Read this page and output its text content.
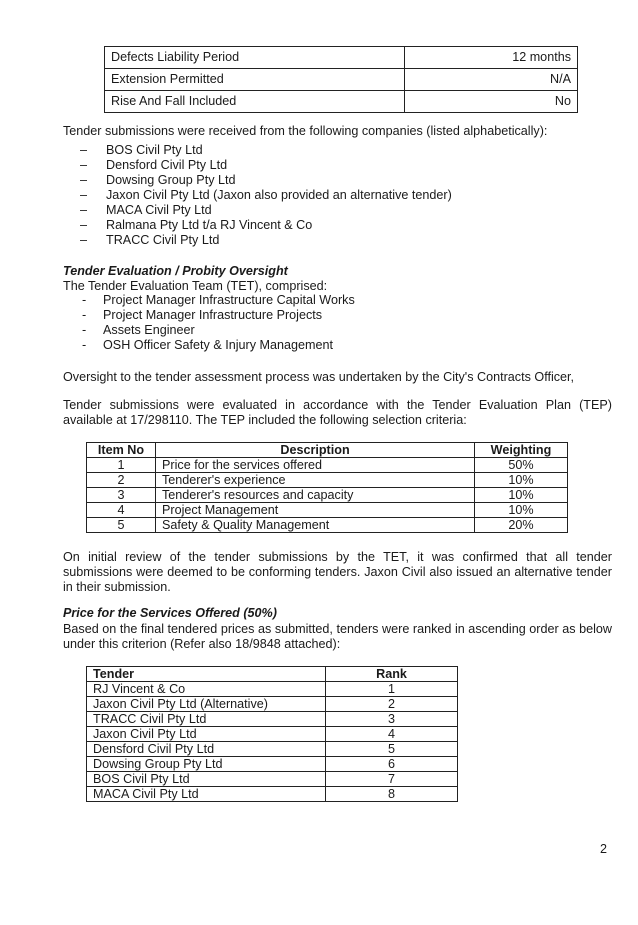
Defects Liability Period	12 months
Extension Permitted	N/A
Rise And Fall Included	No
Tender submissions were received from the following companies (listed alphabetically):
– BOS Civil Pty Ltd
– Densford Civil Pty Ltd
– Dowsing Group Pty Ltd
– Jaxon Civil Pty Ltd (Jaxon also provided an alternative tender)
– MACA Civil Pty Ltd
– Ralmana Pty Ltd t/a RJ Vincent & Co
– TRACC Civil Pty Ltd
Tender Evaluation / Probity Oversight
The Tender Evaluation Team (TET), comprised:
- Project Manager Infrastructure Capital Works
- Project Manager Infrastructure Projects
- Assets Engineer
- OSH Officer Safety & Injury Management
Oversight to the tender assessment process was undertaken by the City's Contracts Officer,
Tender submissions were evaluated in accordance with the Tender Evaluation Plan (TEP) available at 17/298110. The TEP included the following selection criteria:
Item No	Description	Weighting
1	Price for the services offered	50%
2	Tenderer's experience	10%
3	Tenderer's resources and capacity	10%
4	Project Management	10%
5	Safety & Quality Management	20%
On initial review of the tender submissions by the TET, it was confirmed that all tender submissions were deemed to be conforming tenders. Jaxon Civil also issued an alternative tender in their submission.
Price for the Services Offered (50%)
Based on the final tendered prices as submitted, tenders were ranked in ascending order as below under this criterion (Refer also 18/9848 attached):
Tender	Rank
RJ Vincent & Co	1
Jaxon Civil Pty Ltd (Alternative)	2
TRACC Civil Pty Ltd	3
Jaxon Civil Pty Ltd	4
Densford Civil Pty Ltd	5
Dowsing Group Pty Ltd	6
BOS Civil Pty Ltd	7
MACA Civil Pty Ltd	8
2
